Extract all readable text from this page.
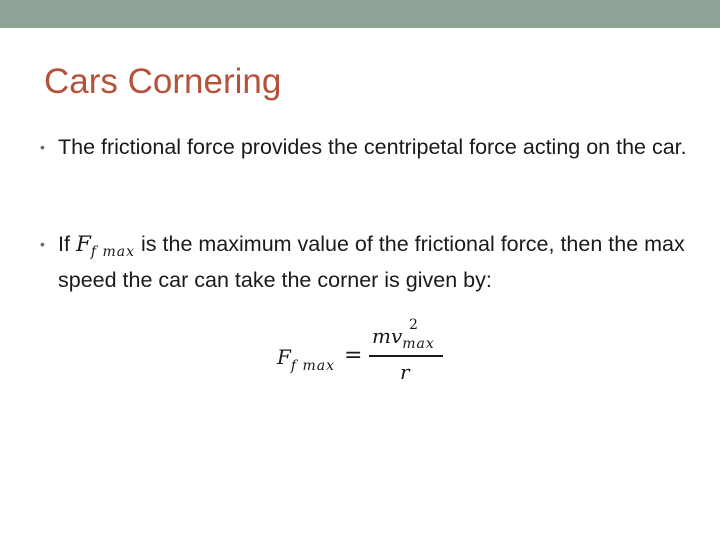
Cars Cornering
• The frictional force provides the centripetal force acting on the car.
• If $F_{f max}$ is the maximum value of the frictional force, then the max speed the car can take the corner is given by:
$F_{f max}$ =
$mv_{max}$
2
r
